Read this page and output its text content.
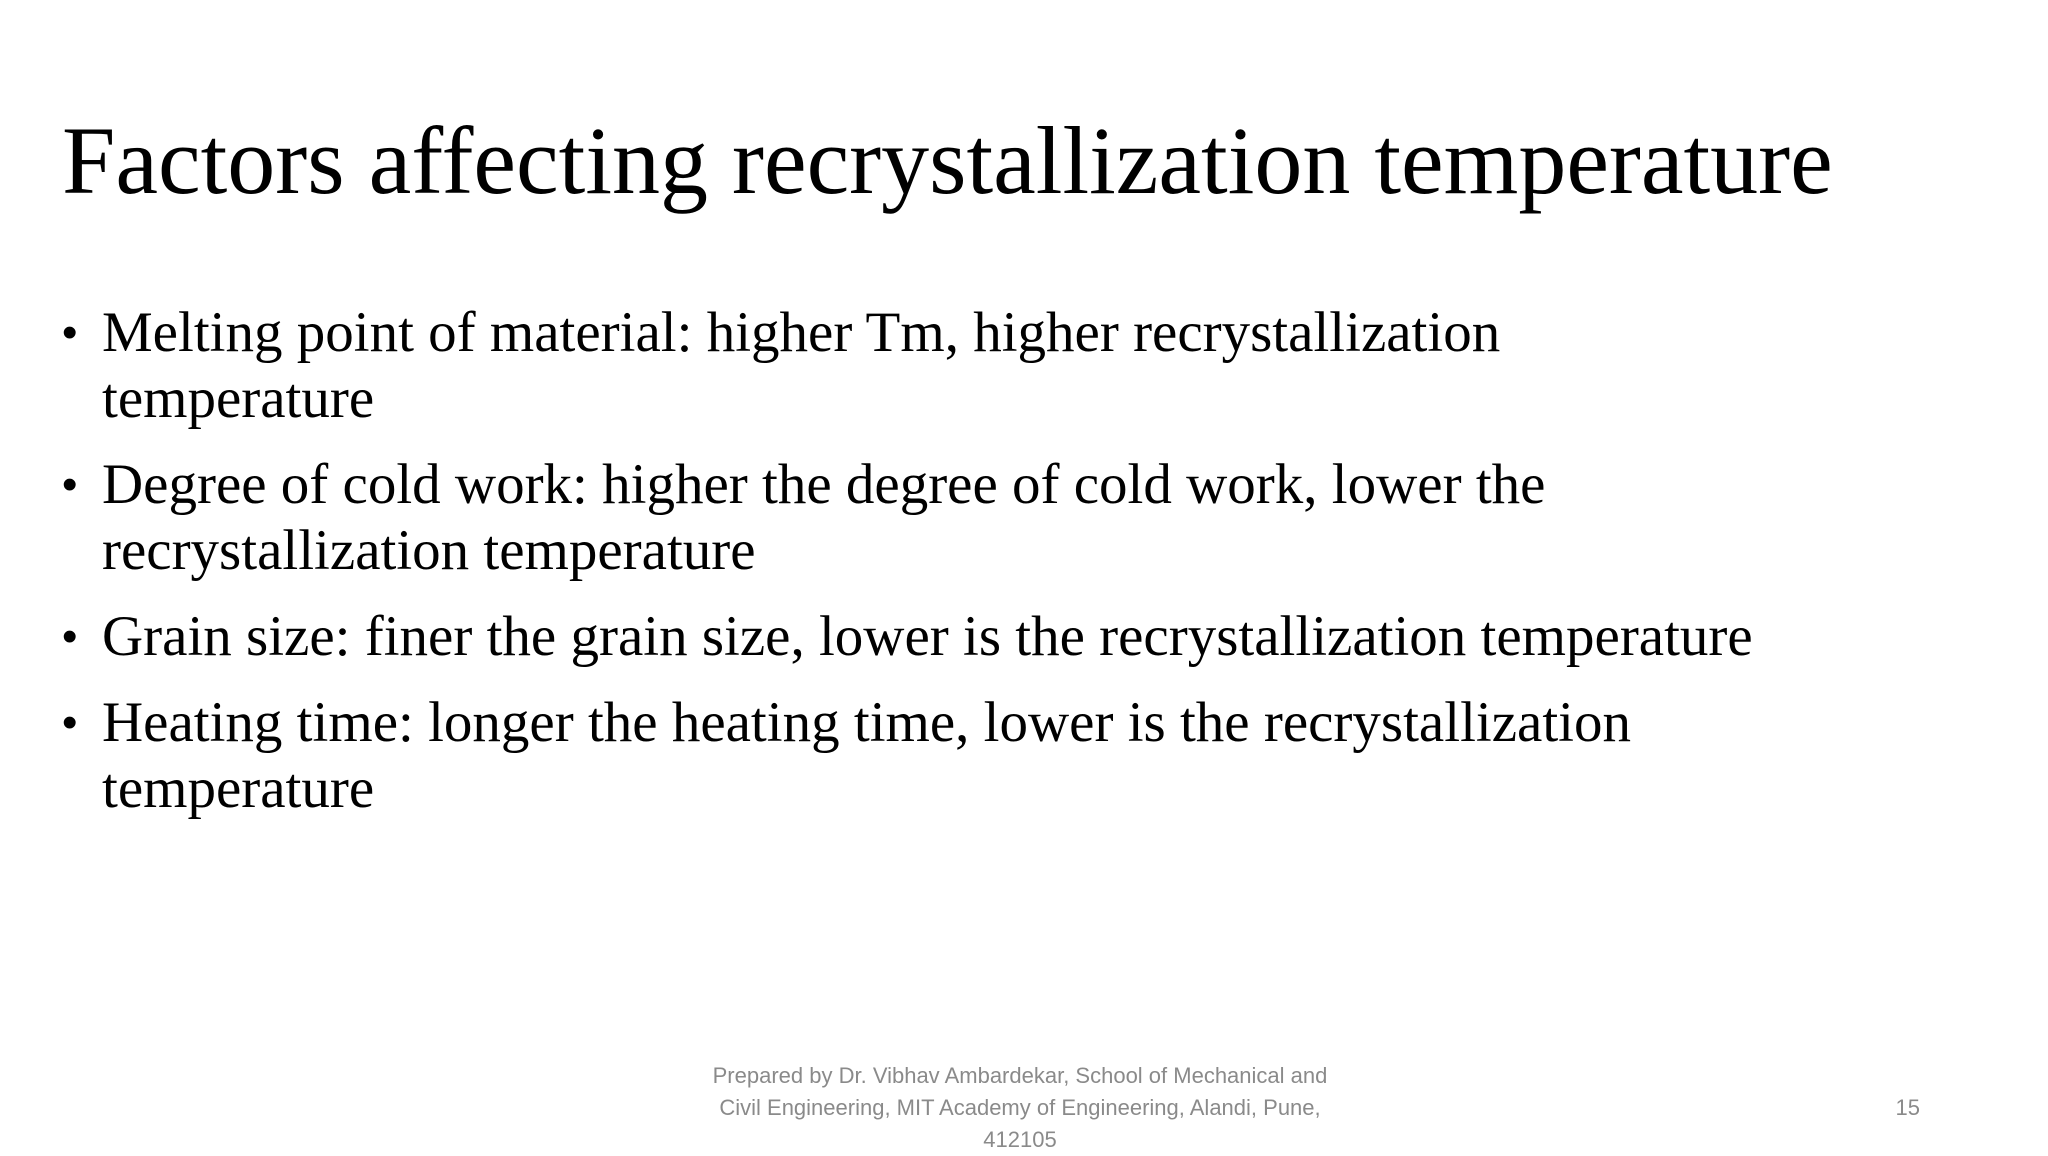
Factors affecting recrystallization temperature
• Melting point of material: higher Tm, higher recrystallization temperature
• Degree of cold work: higher the degree of cold work, lower the recrystallization temperature
• Grain size: finer the grain size, lower is the recrystallization temperature
• Heating time: longer the heating time, lower is the recrystallization temperature
Prepared by Dr. Vibhav Ambardekar, School of Mechanical and
Civil Engineering, MIT Academy of Engineering, Alandi, Pune,
412105
15
